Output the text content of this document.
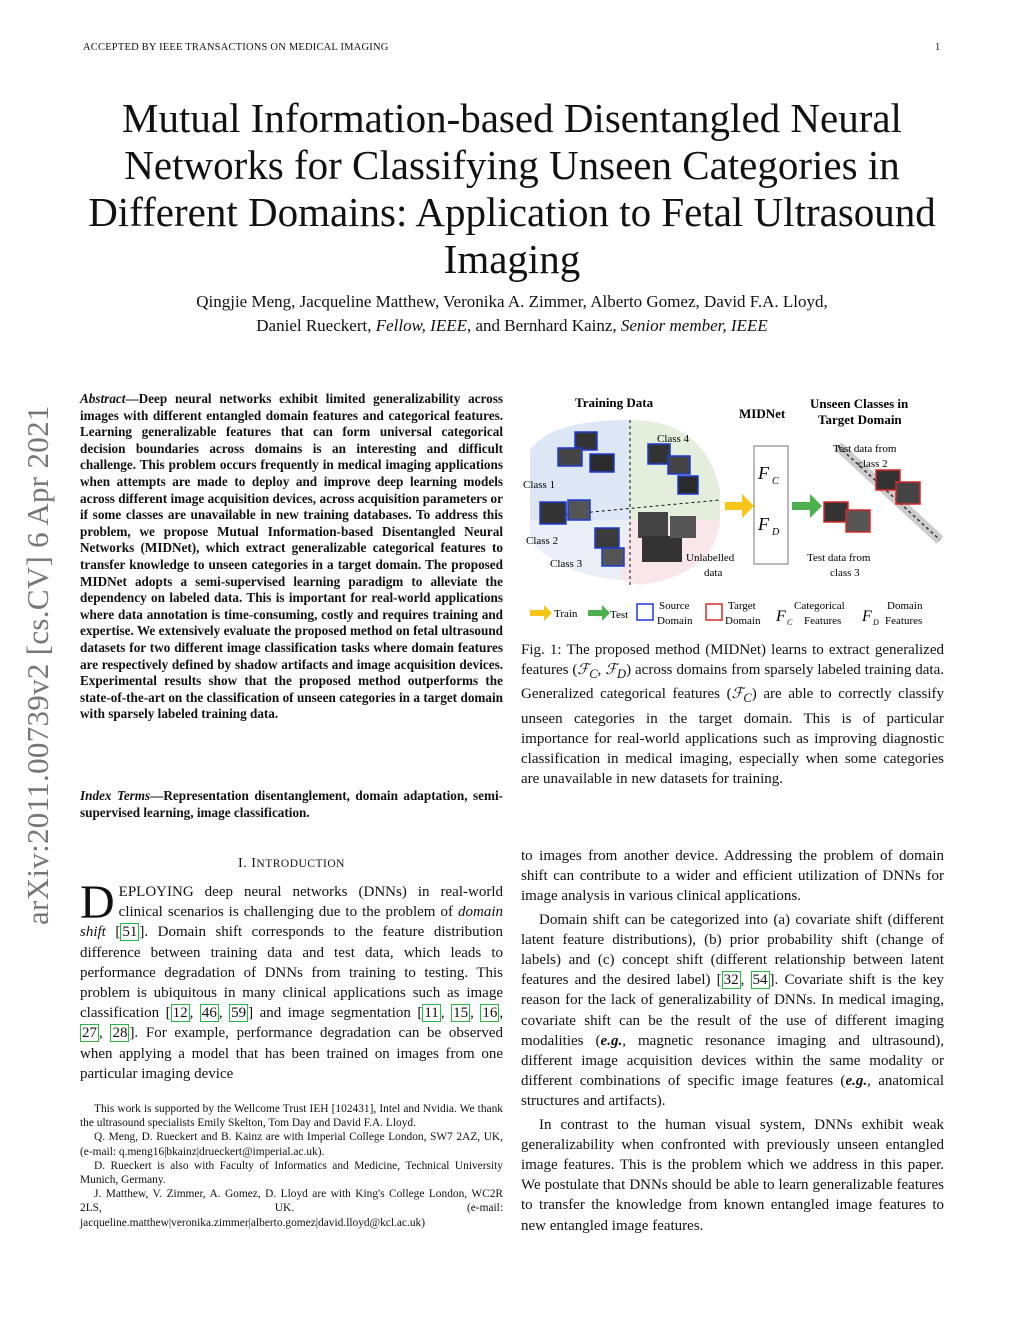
ACCEPTED BY IEEE TRANSACTIONS ON MEDICAL IMAGING	1
Mutual Information-based Disentangled Neural Networks for Classifying Unseen Categories in Different Domains: Application to Fetal Ultrasound Imaging
Qingjie Meng, Jacqueline Matthew, Veronika A. Zimmer, Alberto Gomez, David F.A. Lloyd,
Daniel Rueckert, Fellow, IEEE, and Bernhard Kainz, Senior member, IEEE
arXiv:2011.00739v2 [cs.CV] 6 Apr 2021
Abstract—Deep neural networks exhibit limited generalizability across images with different entangled domain features and categorical features. Learning generalizable features that can form universal categorical decision boundaries across domains is an interesting and difficult challenge. This problem occurs frequently in medical imaging applications when attempts are made to deploy and improve deep learning models across different image acquisition devices, across acquisition parameters or if some classes are unavailable in new training databases. To address this problem, we propose Mutual Information-based Disentangled Neural Networks (MIDNet), which extract generalizable categorical features to transfer knowledge to unseen categories in a target domain. The proposed MIDNet adopts a semi-supervised learning paradigm to alleviate the dependency on labeled data. This is important for real-world applications where data annotation is time-consuming, costly and requires training and expertise. We extensively evaluate the proposed method on fetal ultrasound datasets for two different image classification tasks where domain features are respectively defined by shadow artifacts and image acquisition devices. Experimental results show that the proposed method outperforms the state-of-the-art on the classification of unseen categories in a target domain with sparsely labeled training data.
Index Terms—Representation disentanglement, domain adaptation, semi-supervised learning, image classification.
I. INTRODUCTION
DEPLOYING deep neural networks (DNNs) in real-world clinical scenarios is challenging due to the problem of domain shift [ 51 ]. Domain shift corresponds to the feature distribution difference between training data and test data, which leads to performance degradation of DNNs from training to testing. This problem is ubiquitous in many clinical applications such as image classification [ 12 , 46 , 59 ] and image segmentation [ 11 , 15 , 16 , 27 , 28 ]. For example, performance degradation can be observed when applying a model that has been trained on images from one particular imaging device

This work is supported by the Wellcome Trust IEH [102431], Intel and Nvidia. We thank the ultrasound specialists Emily Skelton, Tom Day and David F.A. Lloyd.

Q. Meng, D. Rueckert and B. Kainz are with Imperial College London, SW7 2AZ, UK, (e-mail: q.meng16|bkainz|drueckert@imperial.ac.uk).

D. Rueckert is also with Faculty of Informatics and Medicine, Technical University Munich, Germany.

J. Matthew, V. Zimmer, A. Gomez, D. Lloyd are with King's College London, WC2R 2LS, UK. (e-mail: jacqueline.matthew|veronika.zimmer|alberto.gomez|david.lloyd@kcl.ac.uk)

Training Data
Class 1
Class 2
Class 3
Class 4
Unlabelled
data
MIDNet
F C
F D
Unseen Classes in
Target Domain
Test data from
class 2
Test data from
class 3
Train	Test
Source
Domain
Target
Domain F C
Categorical
Features F D
Domain
Features
Fig. 1: The proposed method (MIDNet) learns to extract generalized features (ℱ$_C$, ℱ$_D$) across domains from sparsely labeled training data. Generalized categorical features (ℱ$_C$) are able to correctly classify unseen categories in the target domain. This is of particular importance for real-world applications such as improving diagnostic classification in medical imaging, especially when some categories are unavailable in new datasets for training.

to images from another device. Addressing the problem of domain shift can contribute to a wider and efficient utilization of DNNs for image analysis in various clinical applications.

Domain shift can be categorized into (a) covariate shift (different latent feature distributions), (b) prior probability shift (change of labels) and (c) concept shift (different relationship between latent features and the desired label) [ 32 , 54 ]. Covariate shift is the key reason for the lack of generalizability of DNNs. In medical imaging, covariate shift can be the result of the use of different imaging modalities (e.g., magnetic resonance imaging and ultrasound), different image acquisition devices within the same modality or different combinations of specific image features (e.g., anatomical structures and artifacts).

In contrast to the human visual system, DNNs exhibit weak generalizability when confronted with previously unseen entangled image features. This is the problem which we address in this paper. We postulate that DNNs should be able to learn generalizable features to transfer the knowledge from known entangled image features to new entangled image features.
